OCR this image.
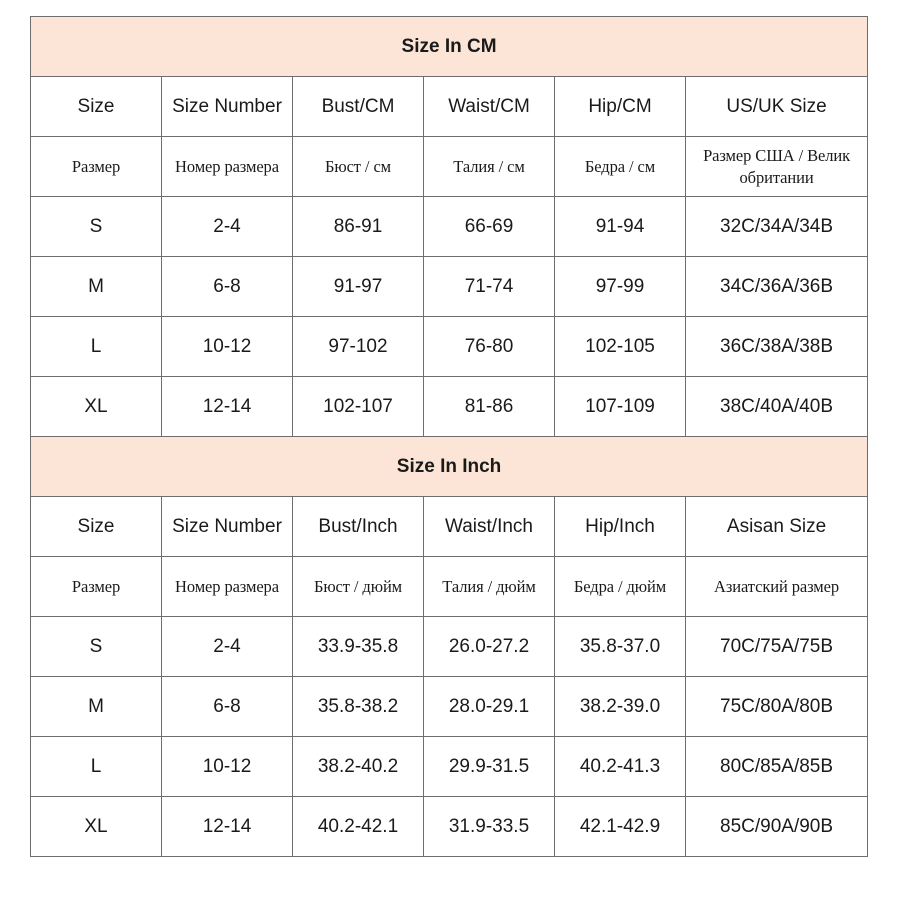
Size In CM					
Size	Size Number	Bust/CM	Waist/CM	Hip/CM	US/UK Size
Размер	Номер размера	Бюст / см	Талия / см	Бедра / см	Размер США / Велик обритании
S	2-4	86-91	66-69	91-94	32C/34A/34B
M	6-8	91-97	71-74	97-99	34C/36A/36B
L	10-12	97-102	76-80	102-105	36C/38A/38B
XL	12-14	102-107	81-86	107-109	38C/40A/40B
Size In Inch					
Size	Size Number	Bust/Inch	Waist/Inch	Hip/Inch	Asisan Size
Размер	Номер размера	Бюст / дюйм	Талия / дюйм	Бедра / дюйм	Азиатский размер
S	2-4	33.9-35.8	26.0-27.2	35.8-37.0	70C/75A/75B
M	6-8	35.8-38.2	28.0-29.1	38.2-39.0	75C/80A/80B
L	10-12	38.2-40.2	29.9-31.5	40.2-41.3	80C/85A/85B
XL	12-14	40.2-42.1	31.9-33.5	42.1-42.9	85C/90A/90B
